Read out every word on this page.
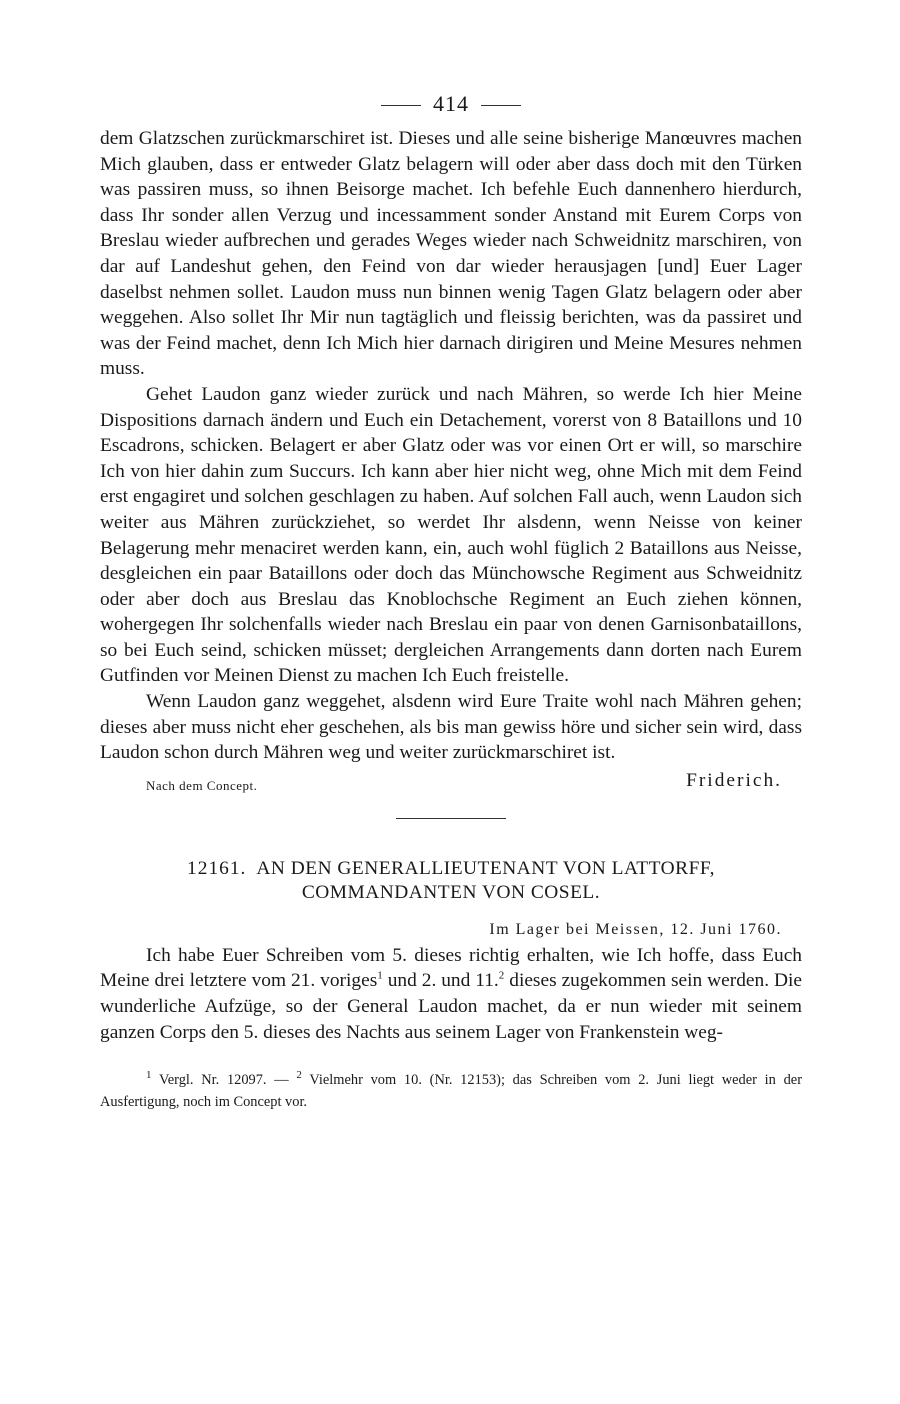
414

dem Glatzschen zurückmarschiret ist. Dieses und alle seine bisherige Manœuvres machen Mich glauben, dass er entweder Glatz belagern will oder aber dass doch mit den Türken was passiren muss, so ihnen Beisorge machet. Ich befehle Euch dannenhero hierdurch, dass Ihr sonder allen Verzug und incessamment sonder Anstand mit Eurem Corps von Breslau wieder aufbrechen und gerades Weges wieder nach Schweidnitz marschiren, von dar auf Landeshut gehen, den Feind von dar wieder herausjagen [und] Euer Lager daselbst nehmen sollet. Laudon muss nun binnen wenig Tagen Glatz belagern oder aber weggehen. Also sollet Ihr Mir nun tagtäglich und fleissig berichten, was da passiret und was der Feind machet, denn Ich Mich hier darnach dirigiren und Meine Mesures nehmen muss.

Gehet Laudon ganz wieder zurück und nach Mähren, so werde Ich hier Meine Dispositions darnach ändern und Euch ein Detachement, vorerst von 8 Bataillons und 10 Escadrons, schicken. Belagert er aber Glatz oder was vor einen Ort er will, so marschire Ich von hier dahin zum Succurs. Ich kann aber hier nicht weg, ohne Mich mit dem Feind erst engagiret und solchen geschlagen zu haben. Auf solchen Fall auch, wenn Laudon sich weiter aus Mähren zurückziehet, so werdet Ihr alsdenn, wenn Neisse von keiner Belagerung mehr menaciret werden kann, ein, auch wohl füglich 2 Bataillons aus Neisse, desgleichen ein paar Bataillons oder doch das Münchowsche Regiment aus Schweidnitz oder aber doch aus Breslau das Knoblochsche Regiment an Euch ziehen können, wohergegen Ihr solchenfalls wieder nach Breslau ein paar von denen Garnisonbataillons, so bei Euch seind, schicken müsset; dergleichen Arrangements dann dorten nach Eurem Gutfinden vor Meinen Dienst zu machen Ich Euch freistelle.

Wenn Laudon ganz weggehet, alsdenn wird Eure Traite wohl nach Mähren gehen; dieses aber muss nicht eher geschehen, als bis man gewiss höre und sicher sein wird, dass Laudon schon durch Mähren weg und weiter zurückmarschiret ist.

Nach dem Concept.	Friderich.
12161. AN DEN GENERALLIEUTENANT VON LATTORFF,
COMMANDANTEN VON COSEL.
Im Lager bei Meissen, 12. Juni 1760.

Ich habe Euer Schreiben vom 5. dieses richtig erhalten, wie Ich hoffe, dass Euch Meine drei letztere vom 21. voriges$^1$ und 2. und 11.$^2$ dieses zugekommen sein werden. Die wunderliche Aufzüge, so der General Laudon machet, da er nun wieder mit seinem ganzen Corps den 5. dieses des Nachts aus seinem Lager von Frankenstein weg-

$^1$ Vergl. Nr. 12097. — $^2$ Vielmehr vom 10. (Nr. 12153); das Schreiben vom 2. Juni liegt weder in der Ausfertigung, noch im Concept vor.
